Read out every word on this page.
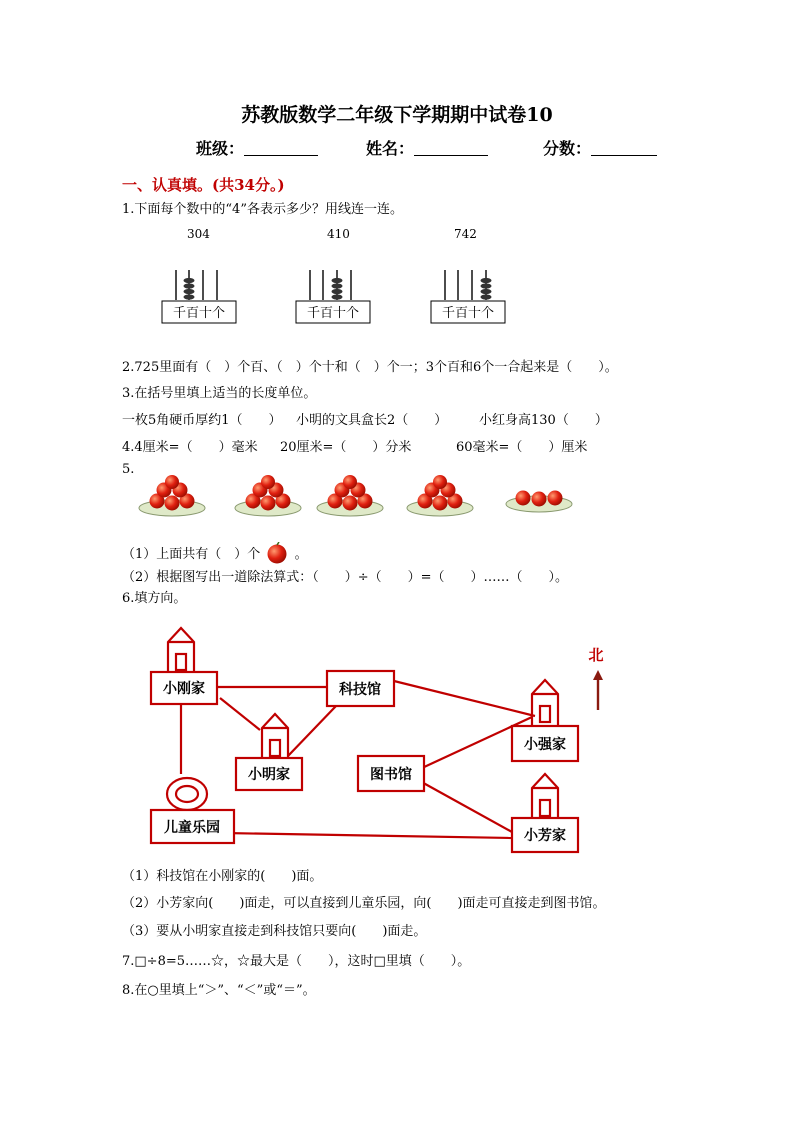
苏教版数学二年级下学期期中试卷10
班级：	姓名：	分数：
一、认真填。(共34分。)
1.下面每个数中的“4”各表示多少？用线连一连。
304	410	742
千百十个	千百十个	千百十个
2.725里面有（　）个百、（　）个十和（　）个一；3个百和6个一合起来是（　　）。
3.在括号里填上适当的长度单位。
一枚5角硬币厚约1（　　） 小明的文具盒长2（　　） 小红身高130（　　）
4.4厘米=（　　）毫米 20厘米=（　　）分米	60毫米=（　　）厘米
5.
（1）上面共有（　）个	。
（2）根据图写出一道除法算式：（　　）÷（　　）=（　　）……（　　）。
6.填方向。
小刚家	科技馆
小明家
小强家
图书馆
儿童乐园	小芳家
北
（1）科技馆在小刚家的(　　)面。
（2）小芳家向(　　)面走，可以直接到儿童乐园，向(　　)面走可直接走到图书馆。
（3）要从小明家直接走到科技馆只要向(　　)面走。
7.□÷8=5……☆，☆最大是（　　），这时□里填（　　）。
8.在○里填上“＞”、“＜”或“＝”。
